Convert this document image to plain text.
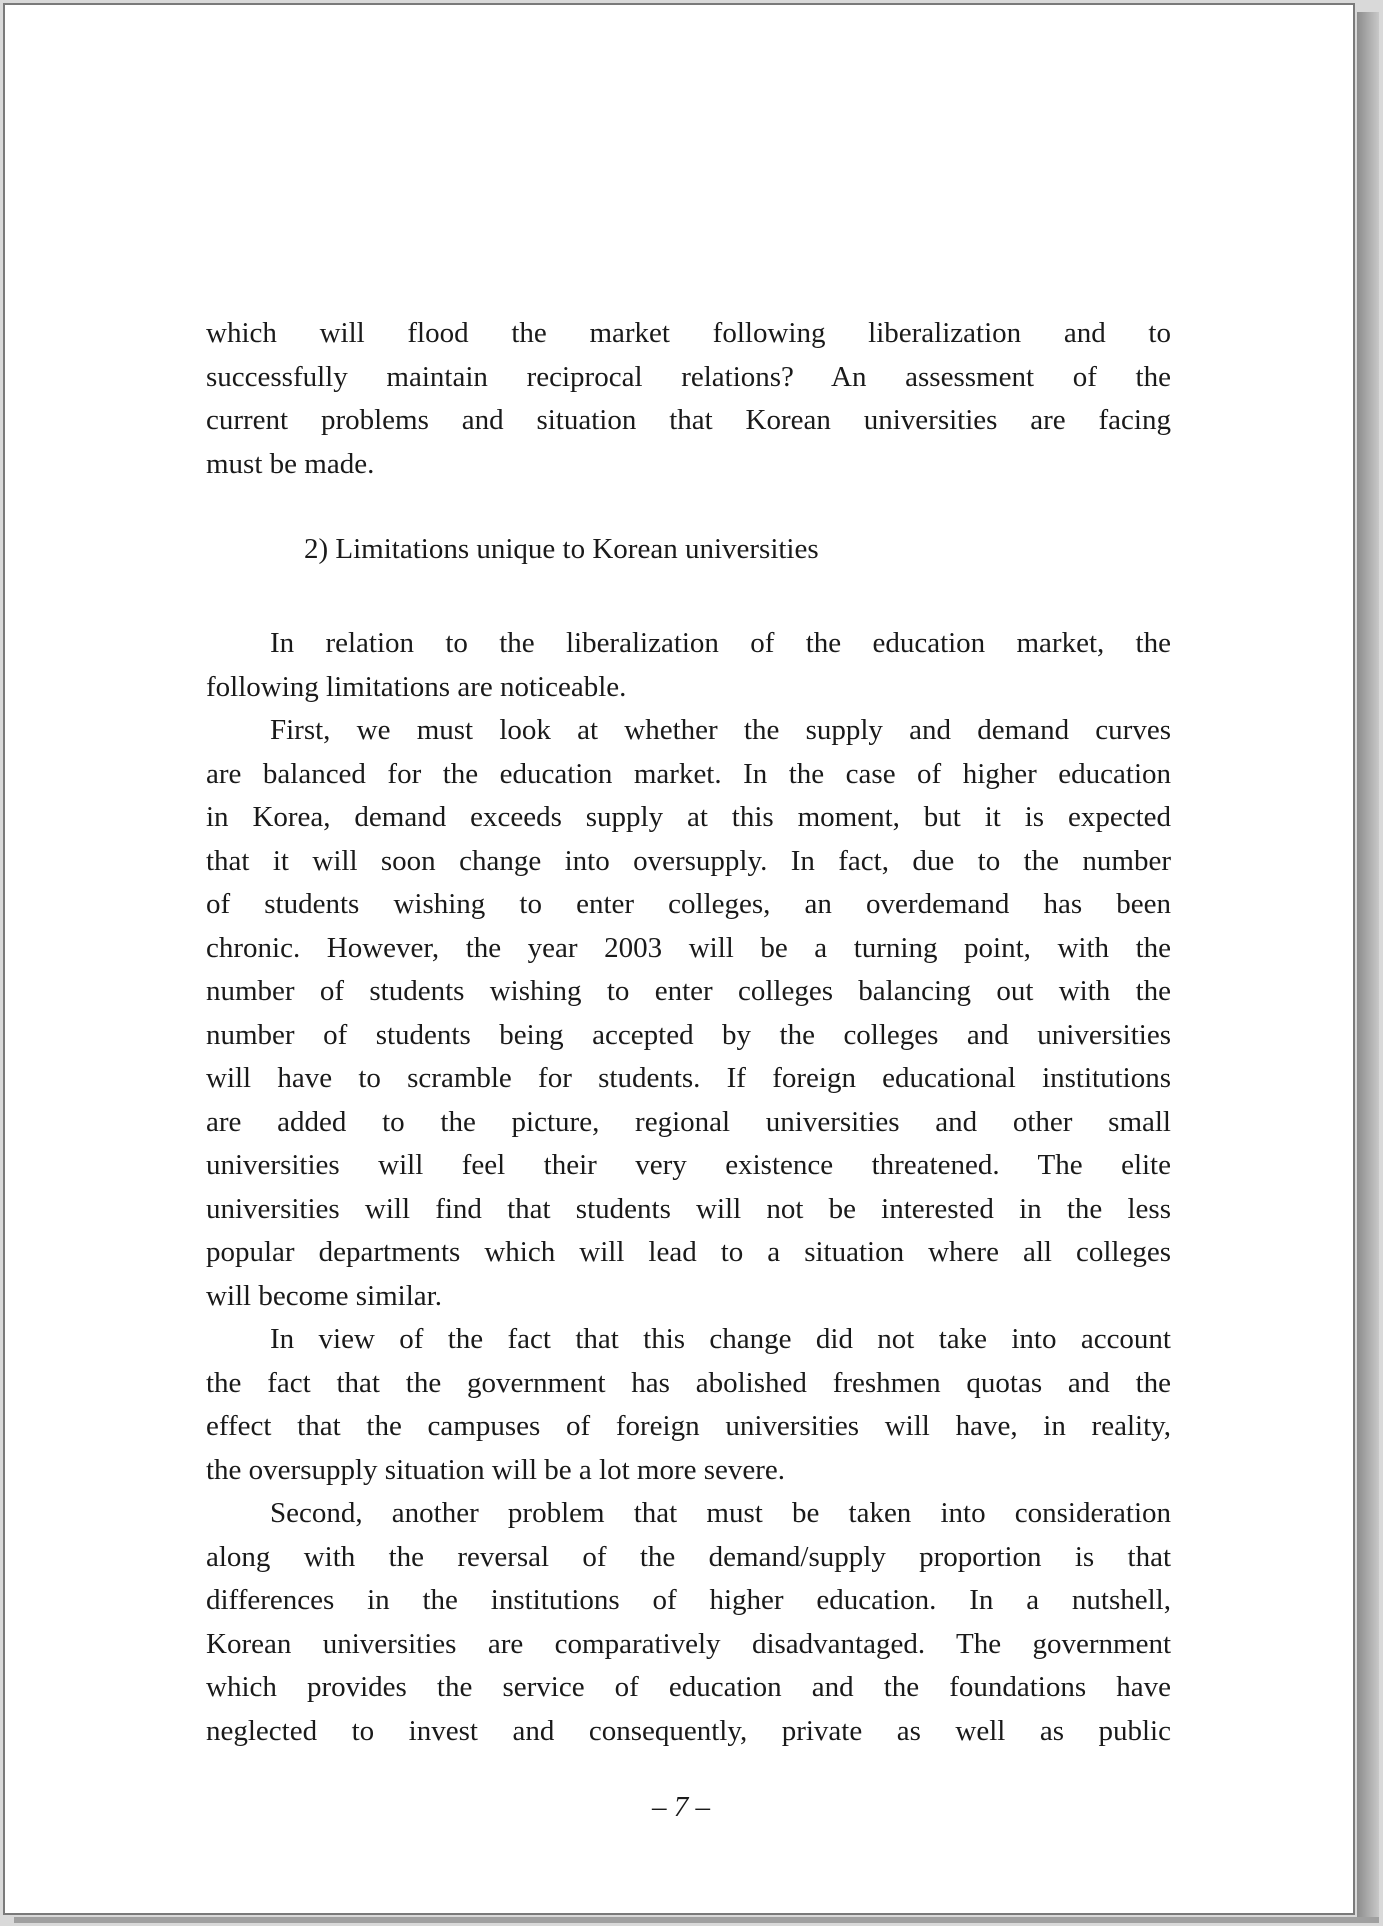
which will flood the market following liberalization and to

successfully maintain reciprocal relations? An assessment of the

current problems and situation that Korean universities are facing

must be made.

2) Limitations unique to Korean universities

In relation to the liberalization of the education market, the

following limitations are noticeable.

First, we must look at whether the supply and demand curves

are balanced for the education market. In the case of higher education

in Korea, demand exceeds supply at this moment, but it is expected

that it will soon change into oversupply. In fact, due to the number

of students wishing to enter colleges, an overdemand has been

chronic. However, the year 2003 will be a turning point, with the

number of students wishing to enter colleges balancing out with the

number of students being accepted by the colleges and universities

will have to scramble for students. If foreign educational institutions

are added to the picture, regional universities and other small

universities will feel their very existence threatened. The elite

universities will find that students will not be interested in the less

popular departments which will lead to a situation where all colleges

will become similar.

In view of the fact that this change did not take into account

the fact that the government has abolished freshmen quotas and the

effect that the campuses of foreign universities will have, in reality,

the oversupply situation will be a lot more severe.

Second, another problem that must be taken into consideration

along with the reversal of the demand/supply proportion is that

differences in the institutions of higher education. In a nutshell,

Korean universities are comparatively disadvantaged. The government

which provides the service of education and the foundations have

neglected to invest and consequently, private as well as public

– 7 –
